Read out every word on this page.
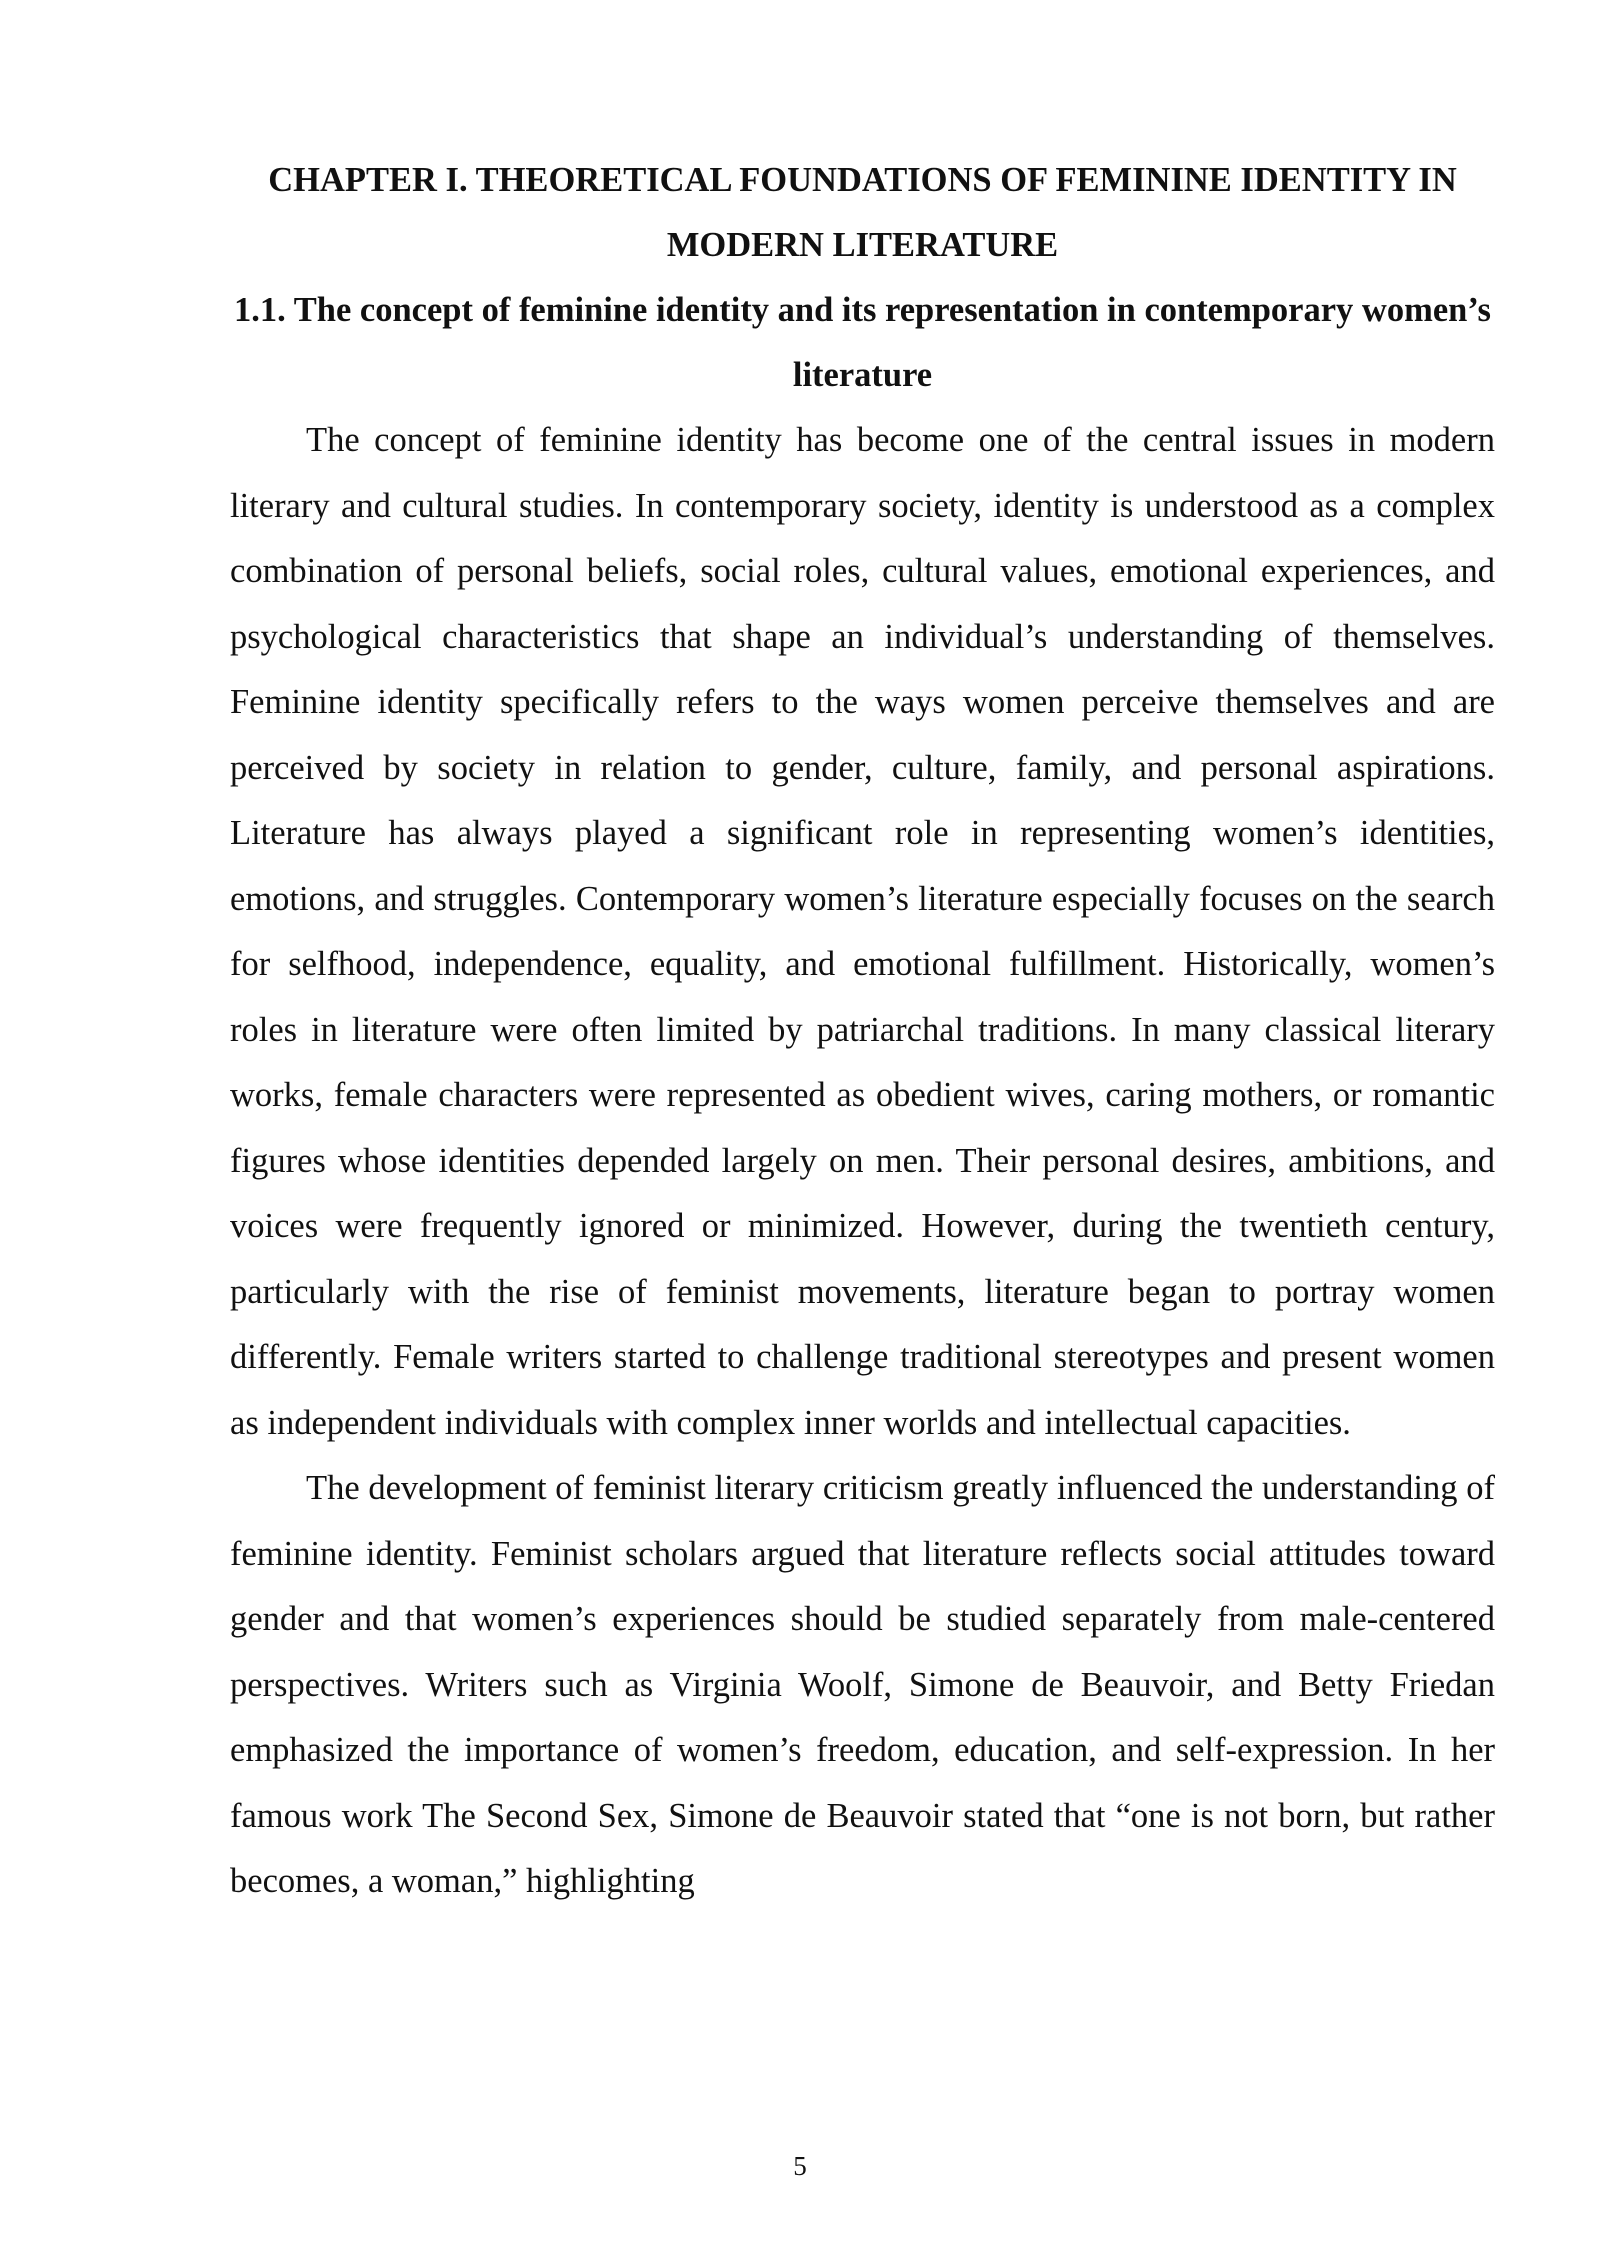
CHAPTER I. THEORETICAL FOUNDATIONS OF FEMININE IDENTITY IN MODERN LITERATURE
1.1. The concept of feminine identity and its representation in contemporary women’s literature

The concept of feminine identity has become one of the central issues in modern literary and cultural studies. In contemporary society, identity is understood as a complex combination of personal beliefs, social roles, cultural values, emotional experiences, and psychological characteristics that shape an individual’s understanding of themselves. Feminine identity specifically refers to the ways women perceive themselves and are perceived by society in relation to gender, culture, family, and personal aspirations. Literature has always played a significant role in representing women’s identities, emotions, and struggles. Contemporary women’s literature especially focuses on the search for selfhood, independence, equality, and emotional fulfillment. Historically, women’s roles in literature were often limited by patriarchal traditions. In many classical literary works, female characters were represented as obedient wives, caring mothers, or romantic figures whose identities depended largely on men. Their personal desires, ambitions, and voices were frequently ignored or minimized. However, during the twentieth century, particularly with the rise of feminist movements, literature began to portray women differently. Female writers started to challenge traditional stereotypes and present women as independent individuals with complex inner worlds and intellectual capacities.

The development of feminist literary criticism greatly influenced the understanding of feminine identity. Feminist scholars argued that literature reflects social attitudes toward gender and that women’s experiences should be studied separately from male-centered perspectives. Writers such as Virginia Woolf, Simone de Beauvoir, and Betty Friedan emphasized the importance of women’s freedom, education, and self-expression. In her famous work The Second Sex, Simone de Beauvoir stated that “one is not born, but rather becomes, a woman,” highlighting

5
